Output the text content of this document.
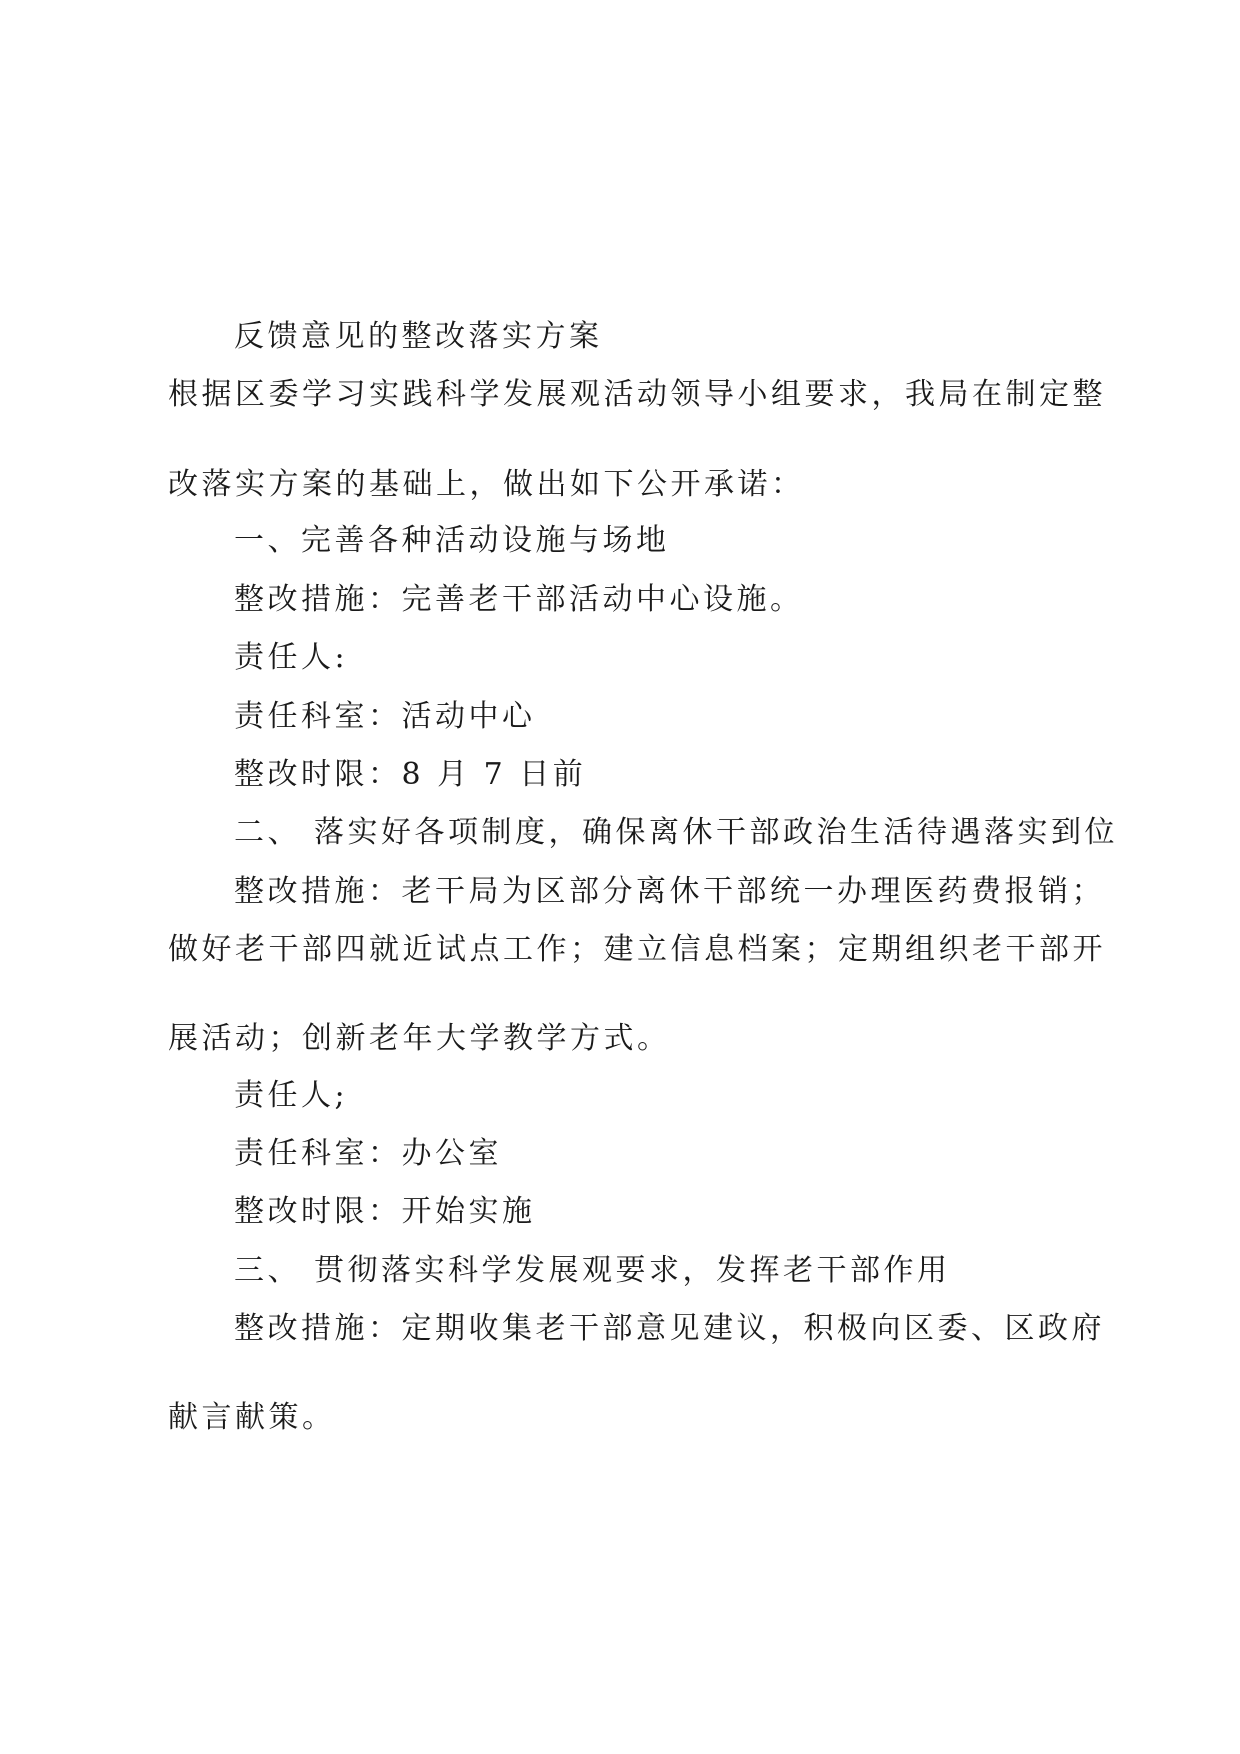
反馈意见的整改落实方案
根据区委学习实践科学发展观活动领导小组要求，我局在制定整
改落实方案的基础上，做出如下公开承诺：
一、完善各种活动设施与场地
整改措施：完善老干部活动中心设施。
责任人:
责任科室：活动中心
整改时限：8 月 7 日前
二、 落实好各项制度，确保离休干部政治生活待遇落实到位
整改措施：老干局为区部分离休干部统一办理医药费报销；
做好老干部四就近试点工作；建立信息档案；定期组织老干部开
展活动；创新老年大学教学方式。
责任人;
责任科室：办公室
整改时限：开始实施
三、 贯彻落实科学发展观要求，发挥老干部作用
整改措施：定期收集老干部意见建议，积极向区委、区政府
献言献策。
